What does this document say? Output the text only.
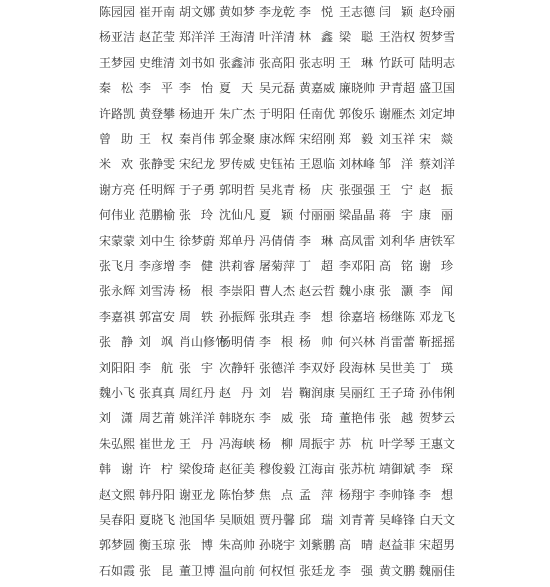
陈园园 崔开南 胡文娜 黄如梦 李龙乾 李 悦 王志德 闫 颖 赵玲丽
杨亚洁 赵芷莹 郑洋洋 王海清 叶洋清 林 鑫 梁 聪 王浩权 贺梦雪
王梦园 史维清 刘书如 张鑫沛 张高阳 张志明 王 琳 竹跃可 陆明志
秦 松 李 平 李 怡 夏 天 吴元磊 黄嘉威 廉晓帅 尹青超 盛卫国
许路凯 黄登攀 杨迪开 朱广杰 于明阳 任南优 郭俊乐 谢雁杰 刘定坤
曾 助 王 权 秦肖伟 郭金聚 康冰辉 宋绍刚 郑 毅 刘玉祥 宋 燚
米 欢 张静雯 宋纪龙 罗传威 史钰祐 王恩临 刘林峰 邹 洋 蔡刘洋
谢方亮 任明辉 于子勇 郭明哲 吴兆青 杨 庆 张强强 王 宁 赵 振
何伟业 范鹏榆 张 玲 沈仙凡 夏 颖 付丽丽 梁晶晶 蒋 宇 康 丽
宋蒙蒙 刘中生 徐梦蔚 郑单丹 冯倩倩 李 琳 高凤雷 刘利华 唐铁军
张飞月 李彦增 李 健 洪莉睿 屠菊萍 丁 超 李邓阳 高 铭 谢 珍
张永辉 刘雪涛 杨 根 李崇阳 曹人杰 赵云哲 魏小康 张 灏 李 闻
李嘉祺 郭富安 周 轶 孙振辉 张琪垚 李 想 徐嘉培 杨继陈 邓龙飞
张 静 刘 飒 肖山修竹
杨明倩 李 根 杨 帅 何兴林 肖雷蕾 靳摇摇
刘阳阳 李 航 张 宇 次静轩 张德洋 李双妤 段海林 吴世美 丁 瑛
魏小飞 张真真 周红丹 赵 丹 刘 岩 鞠润康 吴丽红 王子琦 孙伟俐
刘 潇 周艺莆 姚洋洋 韩晓东 李 威 张 琦 董艳伟 张 越 贺梦云
朱弘熙 崔世龙 王 丹 冯海峡 杨 柳 周振宇 苏 杭 叶学琴 王惠文
韩 谢 许 柠 梁俊琦 赵征美 穆俊毅 江海亩 张苏杭 靖御斌 李 琛
赵文熙 韩丹阳 谢亚龙 陈怡梦 焦 点 孟 萍 杨翔宇 李帅锋 李 想
吴春阳 夏晓飞 池国华 吴顺姐 贾丹馨 邱 瑞 刘青菁 吴峰锋 白天文
郭梦圆 衡玉琼 张 博 朱高帅 孙晓宇 刘紫鹏 高 晴 赵益菲 宋超男
石如霞 张 昆 董卫博 温向前 何权恒 张廷龙 李 强 黄文鹏 魏丽佳
